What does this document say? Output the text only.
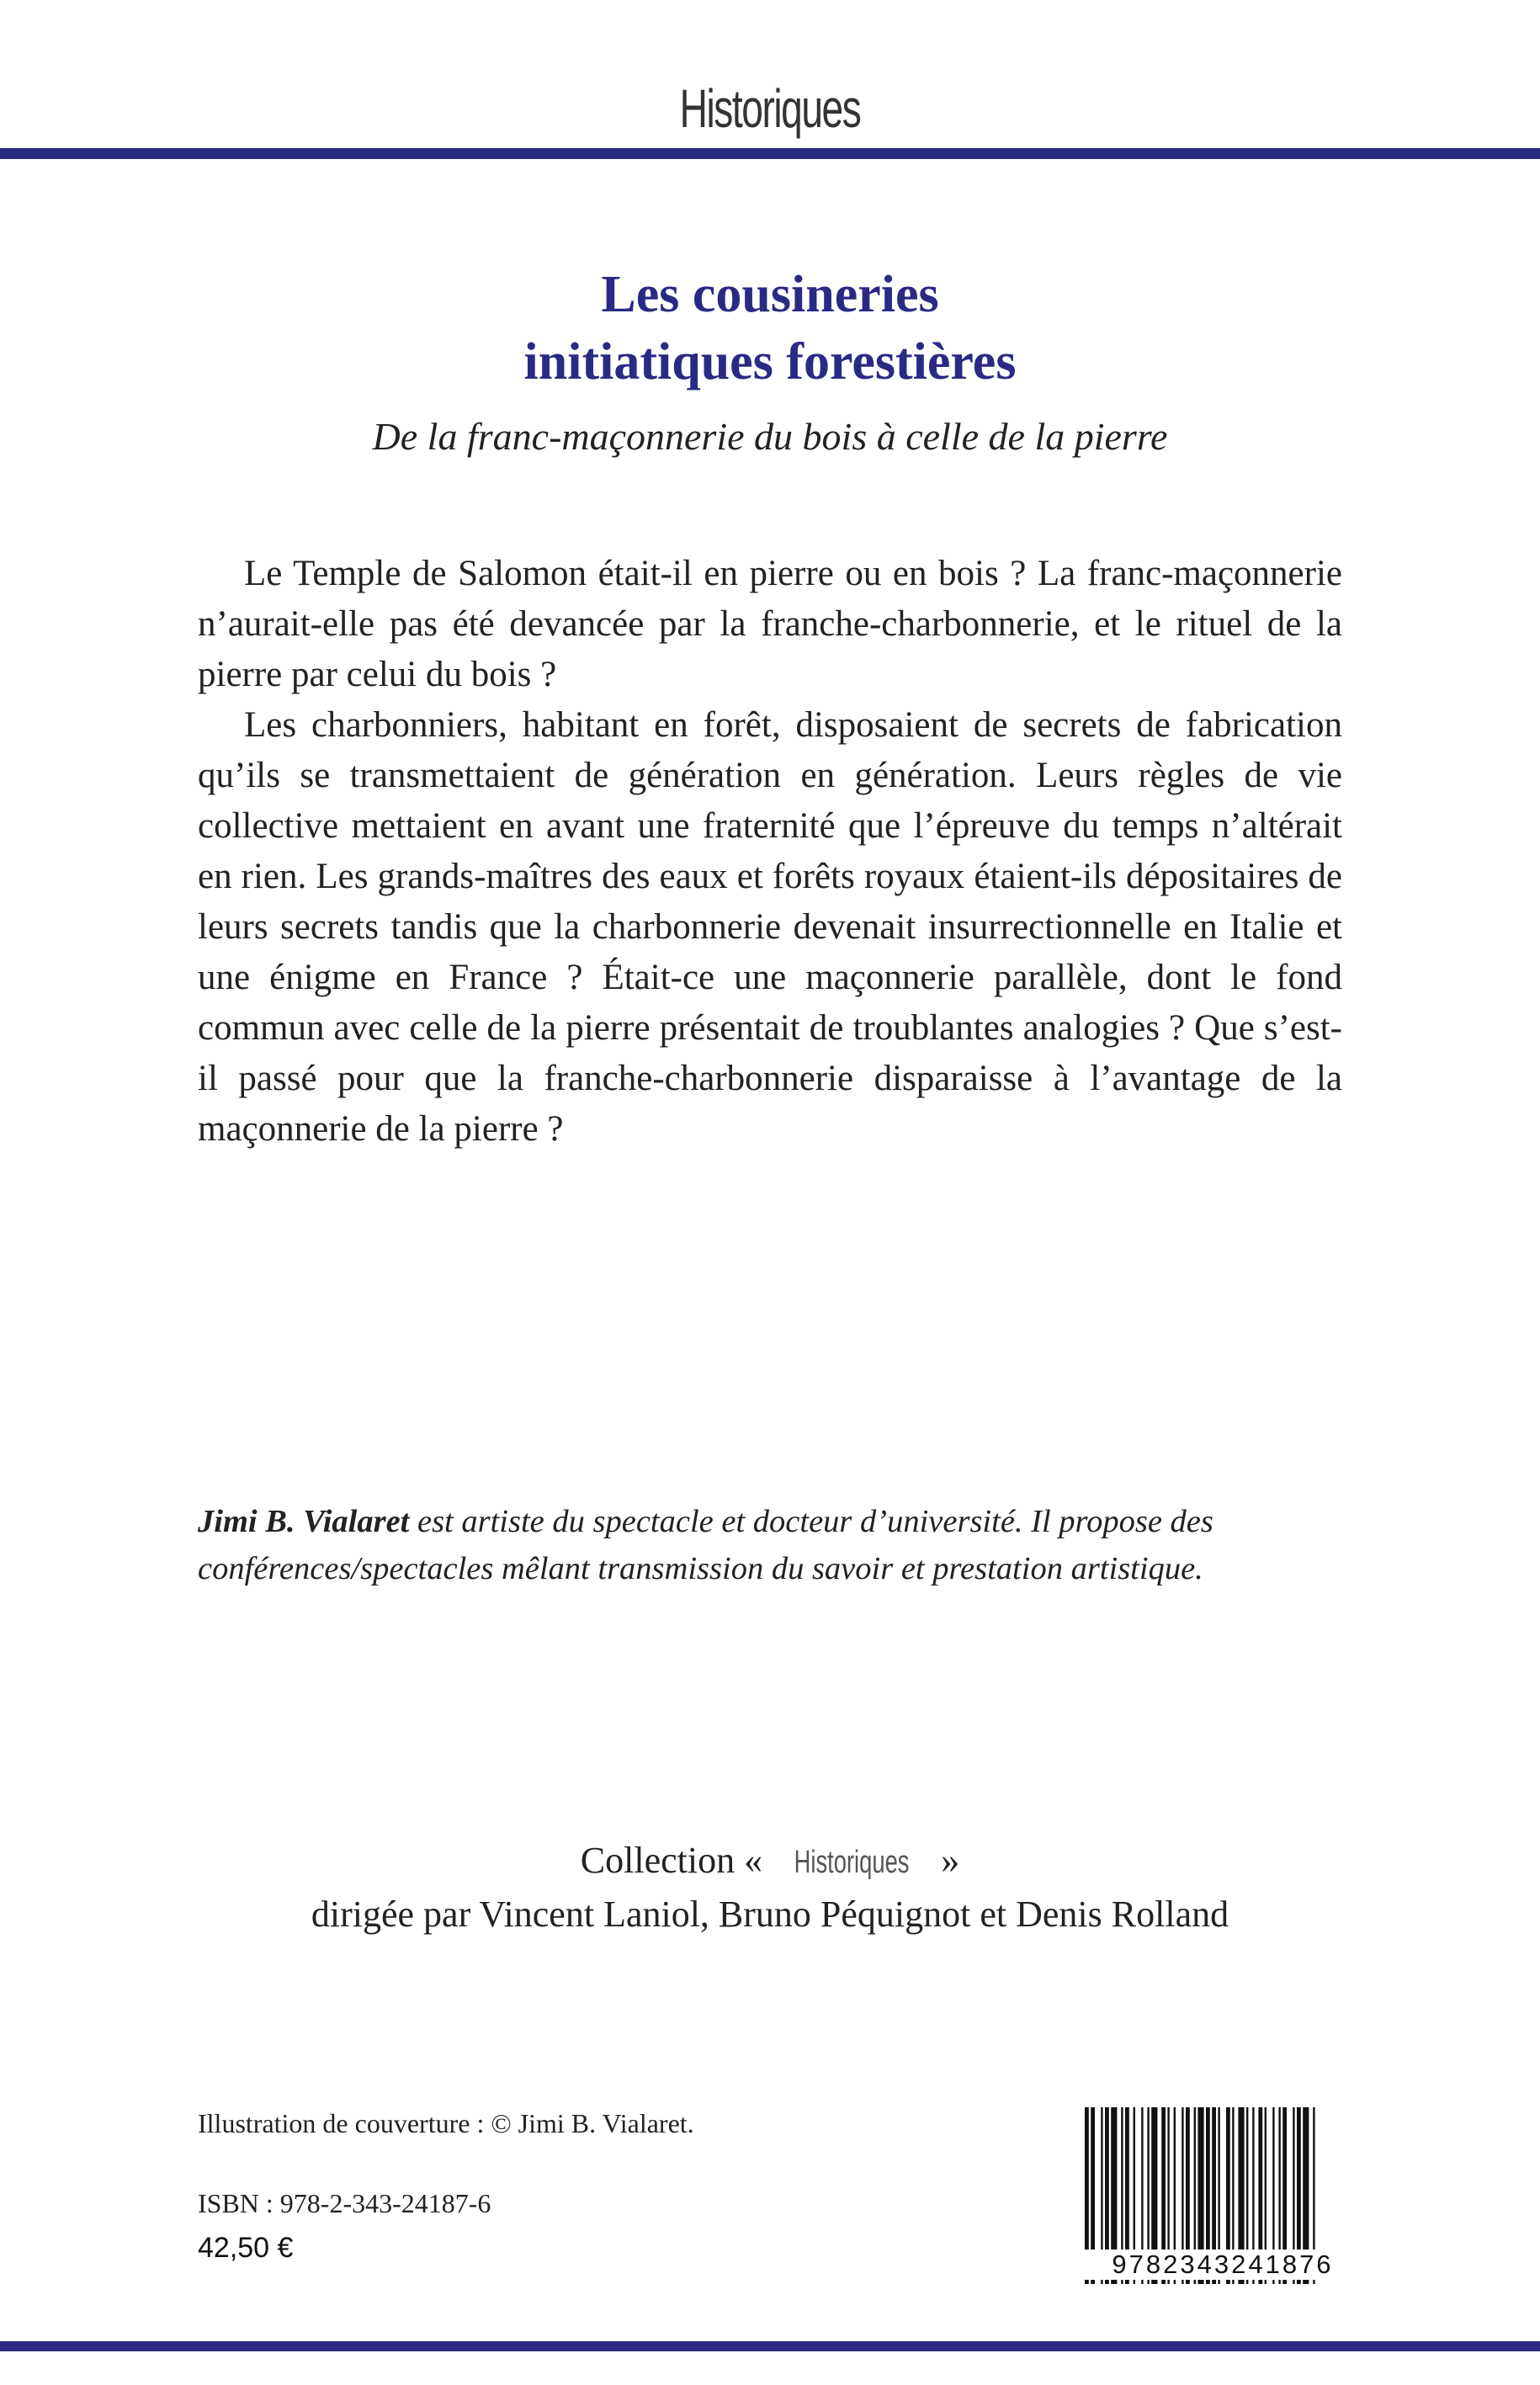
Historiques
Les cousineries
initiatiques forestières
De la franc-maçonnerie du bois à celle de la pierre

Le Temple de Salomon était-il en pierre ou en bois ? La franc-maçonnerie n’aurait-elle pas été devancée par la franche-charbonnerie, et le rituel de la pierre par celui du bois ?

Les charbonniers, habitant en forêt, disposaient de secrets de fabrication qu’ils se transmettaient de génération en génération. Leurs règles de vie collective mettaient en avant une fraternité que l’épreuve du temps n’altérait en rien. Les grands-maîtres des eaux et forêts royaux étaient-ils dépositaires de leurs secrets tandis que la charbonnerie devenait insurrectionnelle en Italie et une énigme en France ? Était-ce une maçonnerie parallèle, dont le fond commun avec celle de la pierre présentait de troublantes analogies ? Que s’est-il passé pour que la franche-charbonnerie disparaisse à l’avantage de la maçonnerie de la pierre ?

Jimi B. Vialaret est artiste du spectacle et docteur d’université. Il propose des conférences/spectacles mêlant transmission du savoir et prestation artistique.
Collection « Historiques »
dirigée par Vincent Laniol, Bruno Péquignot et Denis Rolland
Illustration de couverture : © Jimi B. Vialaret.
ISBN : 978-2-343-24187-6
42,50 €
9782343241876
